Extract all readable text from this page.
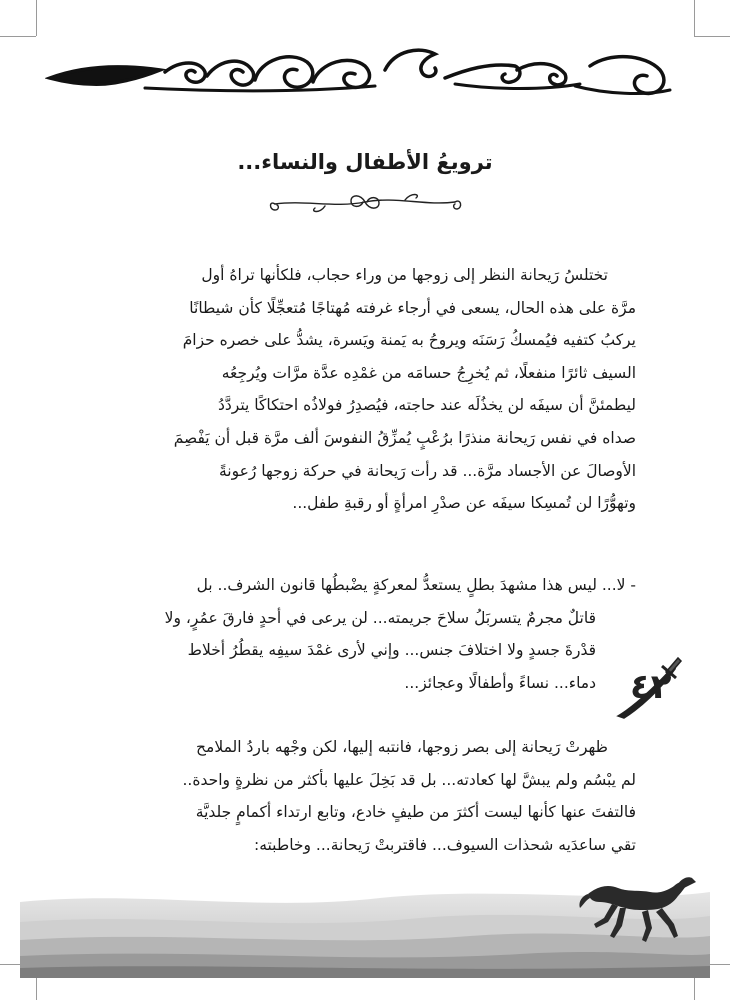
ترويعُ الأطفال والنساء...
تختلسُ رَيحانة النظر إلى زوجها من وراء حجاب، فلكأنها تراهُ أول
مرَّة على هذه الحال، يسعى في أرجاء غرفته مُهتاجًا مُتعجِّلًا كأن شيطانًا
يركبُ كتفيه فيُمسكُ رَسَنَه ويروحُ به يَمنة ويَسرة، يشدُّ على خصره حزامَ
السيف ثائرًا منفعلًا، ثم يُخرِجُ حسامَه من غمْدِه عدَّة مرَّات ويُرجِعُه
ليطمئنَّ أن سيفَه لن يخذُلَه عند حاجته، فيُصدِرُ فولاذُه احتكاكًا يتردَّدُ
صداه في نفس رَيحانة منذرًا برُعْبٍ يُمزِّقُ النفوسَ ألف مرَّة قبل أن يَفْصِمَ
الأوصالَ عن الأجساد مرَّة... قد رأت رَيحانة في حركة زوجها رُعونةً
وتهوُّرًا لن تُمسِكا سيفَه عن صدْرِ امرأةٍ أو رقبةِ طفل...
- لا... ليس هذا مشهدَ بطلٍ يستعدُّ لمعركةٍ يضْبطُها قانون الشرف.. بل
قاتلٌ مجرمٌ يتسربَلُ سلاحَ جريمته... لن يرعى في أحدٍ فارقَ عمُرٍ، ولا
قدْرةَ جسدٍ ولا اختلافَ جنس... وإني لأرى غمْدَ سيفِه يقطُرُ أخلاط
دماء... نساءً وأطفالًا وعجائز...	٤٢
ظهرتْ رَيحانة إلى بصر زوجها، فانتبه إليها، لكن وجْهه باردُ الملامح
لم يبْسُم ولم يبشَّ لها كعادته... بل قد بَخِلَ عليها بأكثر من نظرةٍ واحدة..
فالتفتَ عنها كأنها ليست أكثرَ من طيفٍ خادع، وتابع ارتداء أكمامٍ جلديَّة
تقي ساعدَيه شحذات السيوف... فاقتربتْ رَيحانة... وخاطبته:
